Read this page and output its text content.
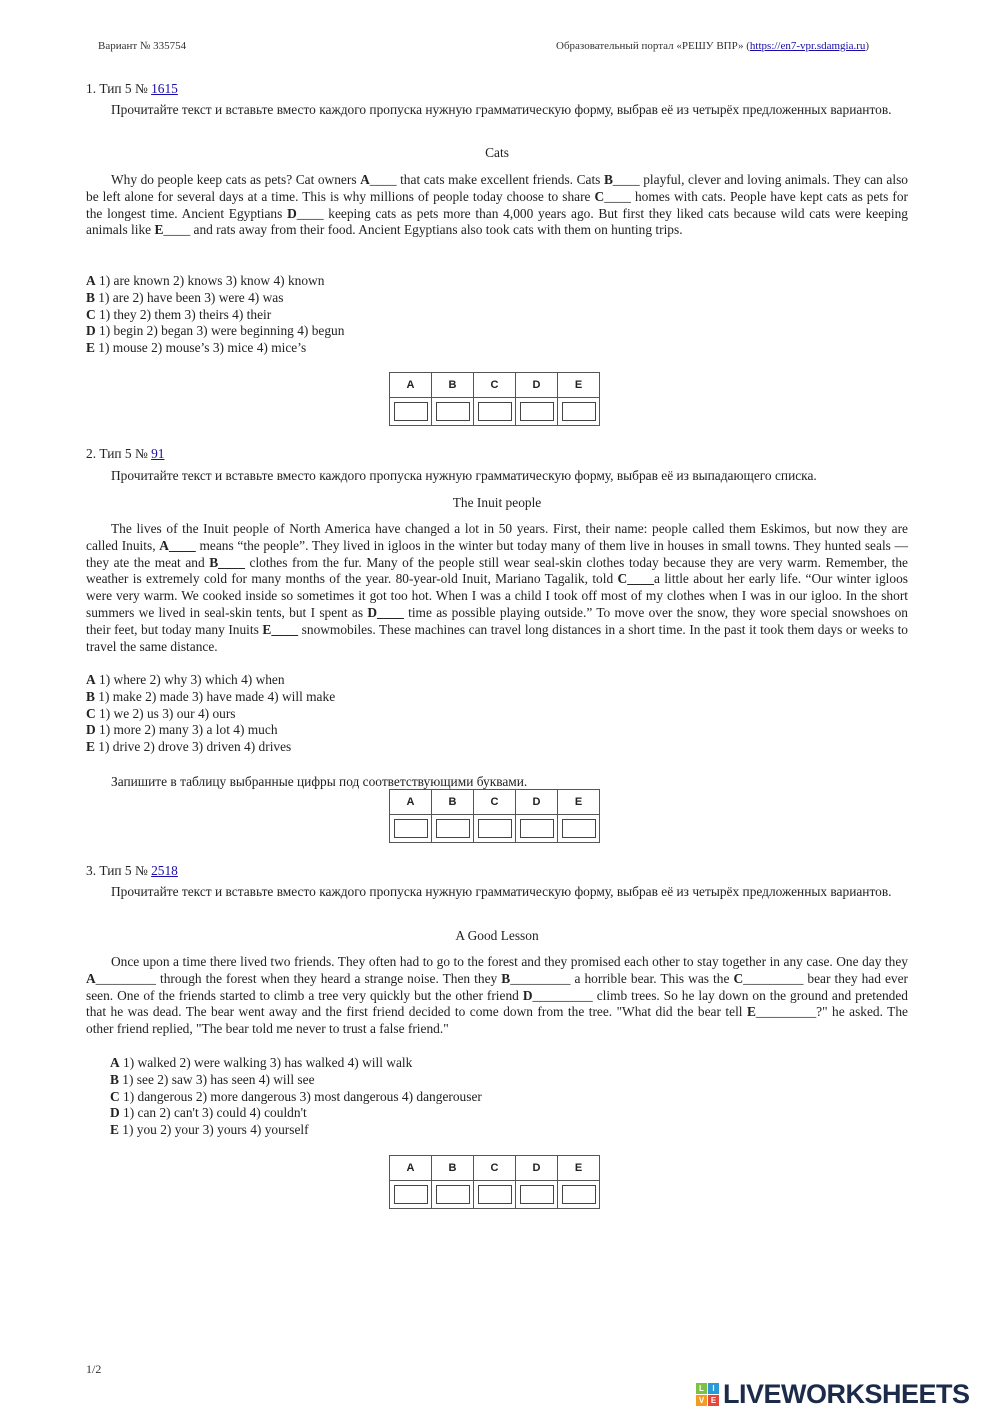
Вариант № 335754	Образовательный портал «РЕШУ ВПР» (https://en7-vpr.sdamgia.ru)
1. Тип 5 № 1615
Прочитайте текст и вставьте вместо каждого пропуска нужную грамматическую форму, выбрав её из четырёх предложенных вариантов.
Cats
Why do people keep cats as pets? Cat owners A____ that cats make excellent friends. Cats B____ playful, clever and loving animals. They can also be left alone for several days at a time. This is why millions of people today choose to share C____ homes with cats. People have kept cats as pets for the longest time. Ancient Egyptians D____ keeping cats as pets more than 4,000 years ago. But first they liked cats because wild cats were keeping animals like E____ and rats away from their food. Ancient Egyptians also took cats with them on hunting trips.
A 1) are known 2) knows 3) know 4) known
B 1) are 2) have been 3) were 4) was
C 1) they 2) them 3) theirs 4) their
D 1) begin 2) began 3) were beginning 4) begun
E 1) mouse 2) mouse’s 3) mice 4) mice’s
A	B	C	D	E

2. Тип 5 № 91
Прочитайте текст и вставьте вместо каждого пропуска нужную грамматическую форму, выбрав её из выпадающего списка.
The Inuit people
The lives of the Inuit people of North America have changed a lot in 50 years. First, their name: people called them Eskimos, but now they are called Inuits, A____ means “the people”. They lived in igloos in the winter but today many of them live in houses in small towns. They hunted seals — they ate the meat and B____ clothes from the fur. Many of the people still wear seal-skin clothes today because they are very warm. Remember, the weather is extremely cold for many months of the year. 80-year-old Inuit, Mariano Tagalik, told C____a little about her early life. “Our winter igloos were very warm. We cooked inside so sometimes it got too hot. When I was a child I took off most of my clothes when I was in our igloo. In the short summers we lived in seal-skin tents, but I spent as D____ time as possible playing outside.” To move over the snow, they wore special snowshoes on their feet, but today many Inuits E____ snowmobiles. These machines can travel long distances in a short time. In the past it took them days or weeks to travel the same distance.
A 1) where 2) why 3) which 4) when
B 1) make 2) made 3) have made 4) will make
C 1) we 2) us 3) our 4) ours
D 1) more 2) many 3) a lot 4) much
E 1) drive 2) drove 3) driven 4) drives
Запишите в таблицу выбранные цифры под соответствующими буквами.
A	B	C	D	E

3. Тип 5 № 2518
Прочитайте текст и вставьте вместо каждого пропуска нужную грамматическую форму, выбрав её из четырёх предложенных вариантов.
A Good Lesson
Once upon a time there lived two friends. They often had to go to the forest and they promised each other to stay together in any case. One day they A_________ through the forest when they heard a strange noise. Then they B_________ a horrible bear. This was the C_________ bear they had ever seen. One of the friends started to climb a tree very quickly but the other friend D_________ climb trees. So he lay down on the ground and pretended that he was dead. The bear went away and the first friend decided to come down from the tree. "What did the bear tell E_________?" he asked. The other friend replied, "The bear told me never to trust a false friend."
A 1) walked 2) were walking 3) has walked 4) will walk
B 1) see 2) saw 3) has seen 4) will see
C 1) dangerous 2) more dangerous 3) most dangerous 4) dangerouser
D 1) can 2) can't 3) could 4) couldn't
E 1) you 2) your 3) yours 4) yourself
A	B	C	D	E

1/2
L	I
V E LIVEWORKSHEETS
